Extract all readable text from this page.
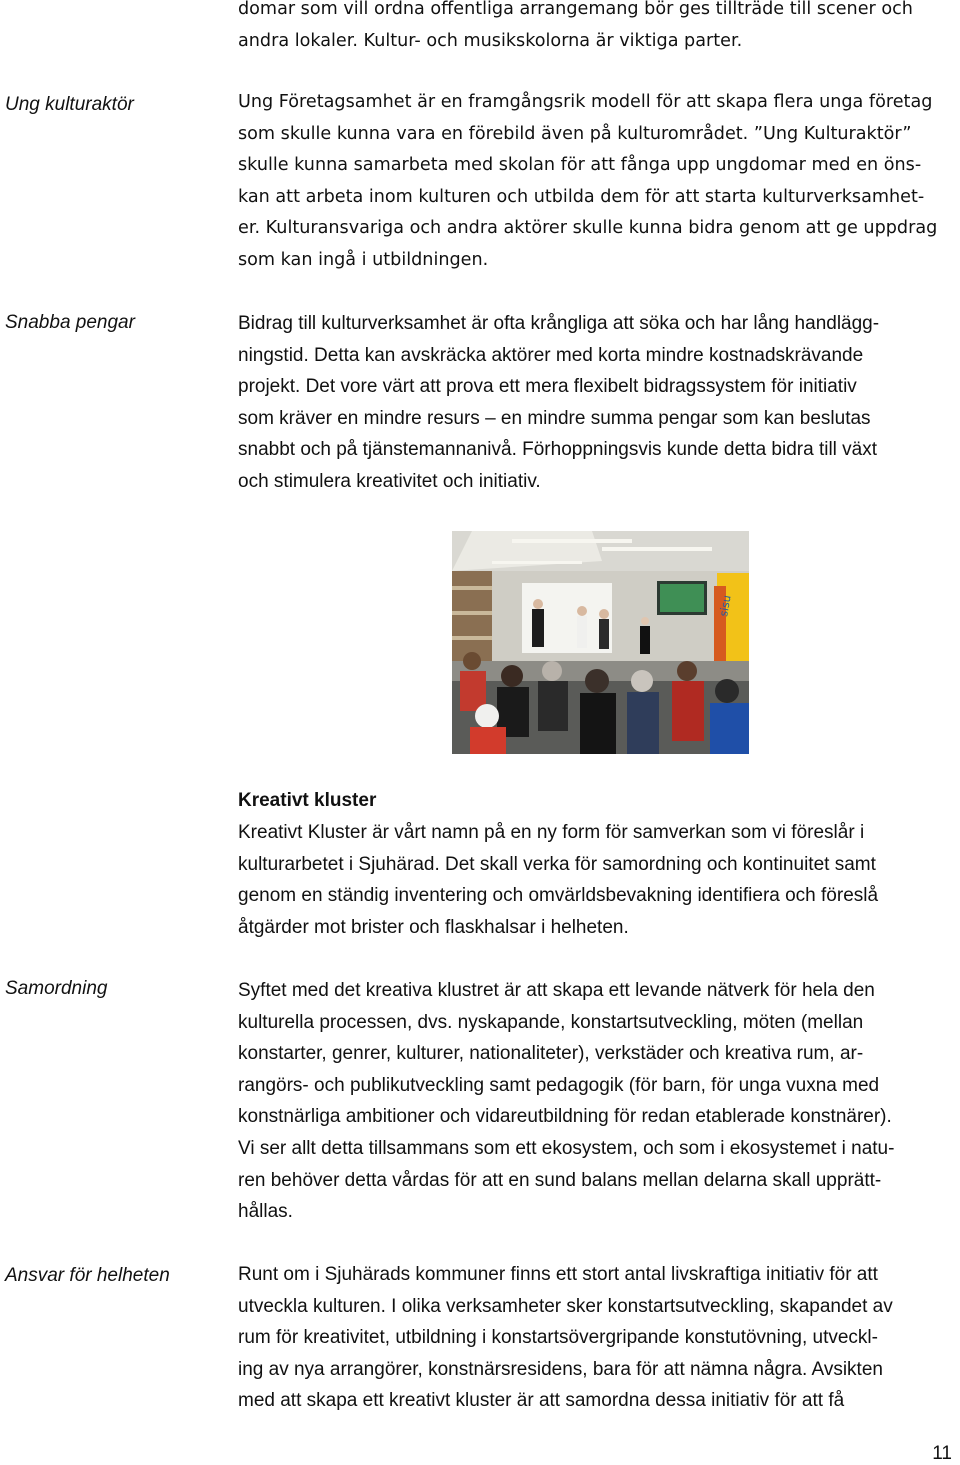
domar som vill ordna offentliga arrangemang bör ges tillträde till scener och
andra lokaler. Kultur- och musikskolorna är viktiga parter.
Ung kulturaktör	Ung Företagsamhet är en framgångsrik modell för att skapa flera unga företag
som skulle kunna vara en förebild även på kulturområdet. ”Ung Kulturaktör”
skulle kunna samarbeta med skolan för att fånga upp ungdomar med en öns-
kan att arbeta inom kulturen och utbilda dem för att starta kulturverksamhet-
er. Kulturansvariga och andra aktörer skulle kunna bidra genom att ge uppdrag
som kan ingå i utbildningen.
Snabba pengar	Bidrag till kulturverksamhet är ofta krångliga att söka och har lång handlägg-
ningstid. Detta kan avskräcka aktörer med korta mindre kostnadskrävande
projekt. Det vore värt att prova ett mera flexibelt bidragssystem för initiativ
som kräver en mindre resurs – en mindre summa pengar som kan beslutas
snabbt och på tjänstemannanivå. Förhoppningsvis kunde detta bidra till växt
och stimulera kreativitet och initiativ.
sisu
Kreativt kluster
Kreativt Kluster är vårt namn på en ny form för samverkan som vi föreslår i
kulturarbetet i Sjuhärad. Det skall verka för samordning och kontinuitet samt
genom en ständig inventering och omvärldsbevakning identifiera och föreslå
åtgärder mot brister och flaskhalsar i helheten.
Samordning	Syftet med det kreativa klustret är att skapa ett levande nätverk för hela den
kulturella processen, dvs. nyskapande, konstartsutveckling, möten (mellan
konstarter, genrer, kulturer, nationaliteter), verkstäder och kreativa rum, ar-
rangörs- och publikutveckling samt pedagogik (för barn, för unga vuxna med
konstnärliga ambitioner och vidareutbildning för redan etablerade konstnärer).
Vi ser allt detta tillsammans som ett ekosystem, och som i ekosystemet i natu-
ren behöver detta vårdas för att en sund balans mellan delarna skall upprätt-
hållas.
Ansvar för helheten	Runt om i Sjuhärads kommuner finns ett stort antal livskraftiga initiativ för att
utveckla kulturen. I olika verksamheter sker konstartsutveckling, skapandet av
rum för kreativitet, utbildning i konstartsövergripande konstutövning, utveckl-
ing av nya arrangörer, konstnärsresidens, bara för att nämna några. Avsikten
med att skapa ett kreativt kluster är att samordna dessa initiativ för att få
11
